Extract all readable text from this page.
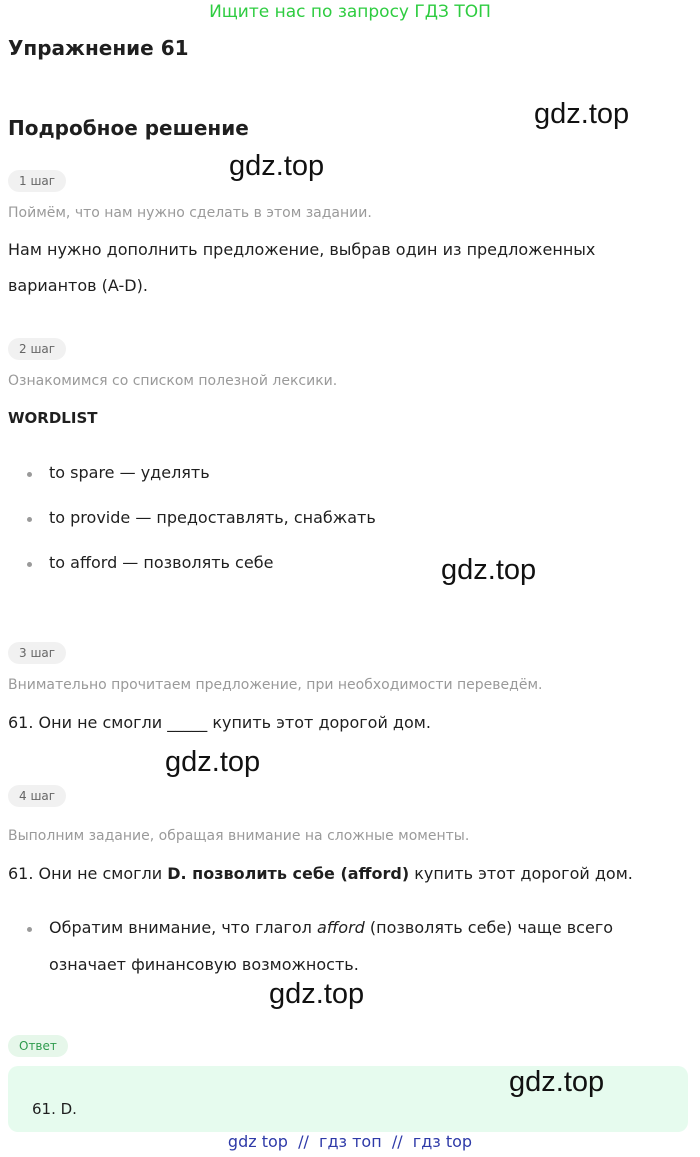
Ищите нас по запросу ГДЗ ТОП
Упражнение 61
Подробное решение	gdz.top
gdz.top
1 шаг
Поймём, что нам нужно сделать в этом задании.
Нам нужно дополнить предложение, выбрав один из предложенных
вариантов (A-D).
2 шаг
Ознакомимся со списком полезной лексики.
WORDLIST
to spare — уделять
to provide — предоставлять, снабжать
to afford — позволять себе	gdz.top
3 шаг
Внимательно прочитаем предложение, при необходимости переведём.
61. Они не смогли _____ купить этот дорогой дом.
gdz.top
4 шаг
Выполним задание, обращая внимание на сложные моменты.
61. Они не смогли D. позволить себе (afford) купить этот дорогой дом.
Обратим внимание, что глагол afford (позволять себе) чаще всего
означает финансовую возможность.
gdz.top
Ответ
61. D.
gdz.top
gdz top  //  гдз топ  //  гдз top
